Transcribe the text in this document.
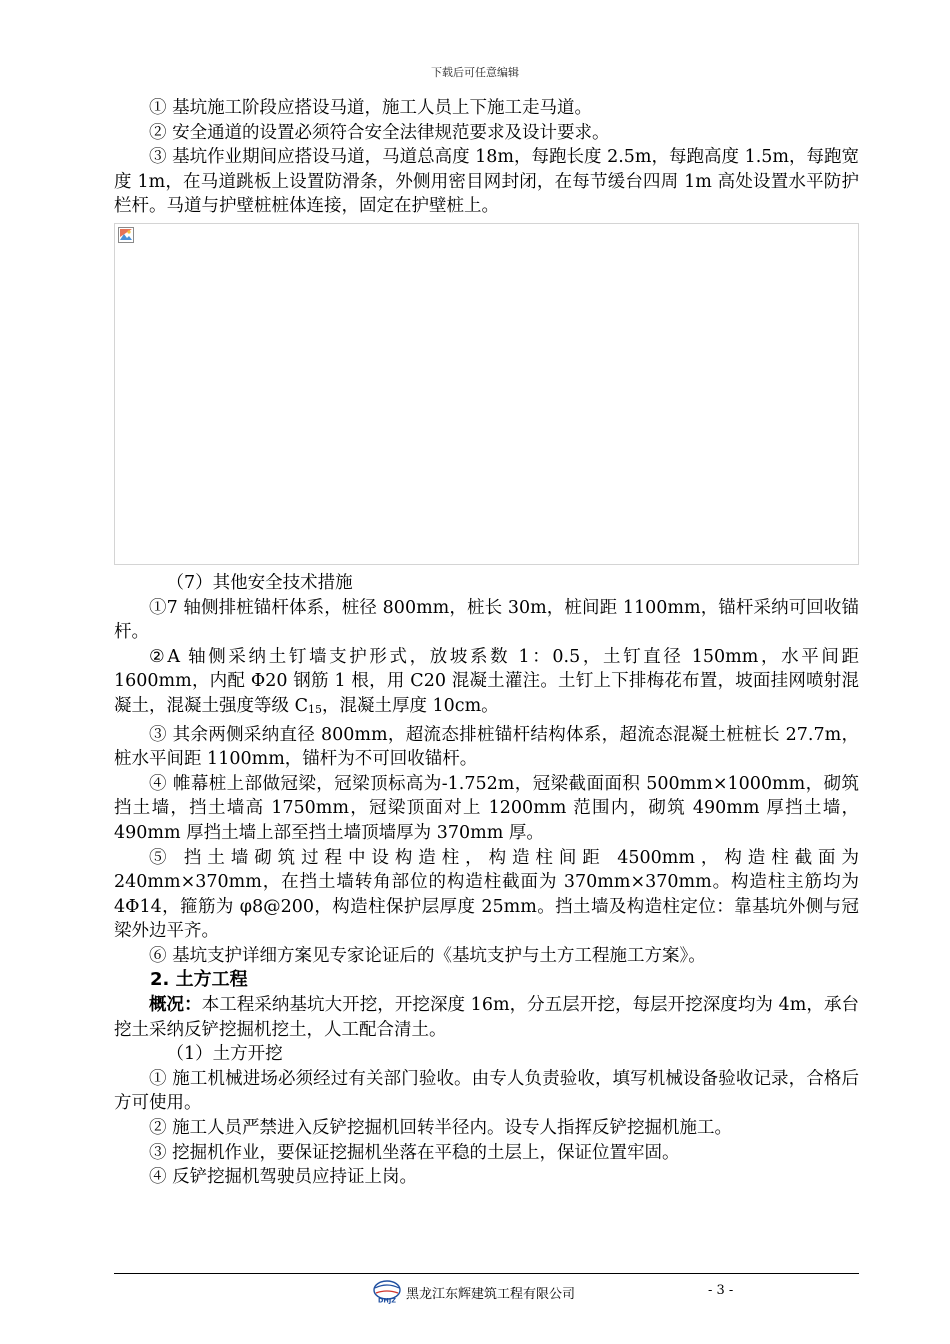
下载后可任意编辑

① 基坑施工阶段应搭设马道，施工人员上下施工走马道。

② 安全通道的设置必须符合安全法律规范要求及设计要求。

③ 基坑作业期间应搭设马道，马道总高度 18m，每跑长度 2.5m，每跑高度 1.5m，每跑宽度 1m，在马道跳板上设置防滑条，外侧用密目网封闭，在每节缓台四周 1m 高处设置水平防护栏杆。马道与护壁桩桩体连接，固定在护壁桩上。

（7）其他安全技术措施

①7 轴侧排桩锚杆体系，桩径 800mm，桩长 30m，桩间距 1100mm，锚杆采纳可回收锚杆。

②A 轴侧采纳土钉墙支护形式，放坡系数 1：0.5，土钉直径 150mm，水平间距 1600mm，内配 Φ20 钢筋 1 根，用 C20 混凝土灌注。土钉上下排梅花布置，坡面挂网喷射混凝土，混凝土强度等级 $C_{15}$，混凝土厚度 10cm。

③ 其余两侧采纳直径 800mm，超流态排桩锚杆结构体系，超流态混凝土桩桩长 27.7m，桩水平间距 1100mm，锚杆为不可回收锚杆。

④ 帷幕桩上部做冠梁，冠梁顶标高为-1.752m，冠梁截面面积 500mm×1000mm，砌筑挡土墙，挡土墙高 1750mm，冠梁顶面对上 1200mm 范围内，砌筑 490mm 厚挡土墙，490mm 厚挡土墙上部至挡土墙顶墙厚为 370mm 厚。

⑤ 挡土墙砌筑过程中设构造柱，构造柱间距 4500mm，构造柱截面为 240mm×370mm，在挡土墙转角部位的构造柱截面为 370mm×370mm。构造柱主筋均为 4Φ14，箍筋为 φ8@200，构造柱保护层厚度 25mm。挡土墙及构造柱定位：靠基坑外侧与冠梁外边平齐。

⑥ 基坑支护详细方案见专家论证后的《基坑支护与土方工程施工方案》。

2. 土方工程

概况：本工程采纳基坑大开挖，开挖深度 16m，分五层开挖，每层开挖深度均为 4m，承台挖土采纳反铲挖掘机挖土，人工配合清土。

（1）土方开挖

① 施工机械进场必须经过有关部门验收。由专人负责验收，填写机械设备验收记录，合格后方可使用。

② 施工人员严禁进入反铲挖掘机回转半径内。设专人指挥反铲挖掘机施工。

③ 挖掘机作业，要保证挖掘机坐落在平稳的土层上，保证位置牢固。

④ 反铲挖掘机驾驶员应持证上岗。

DHJZ 黑龙江东辉建筑工程有限公司	- 3 -
